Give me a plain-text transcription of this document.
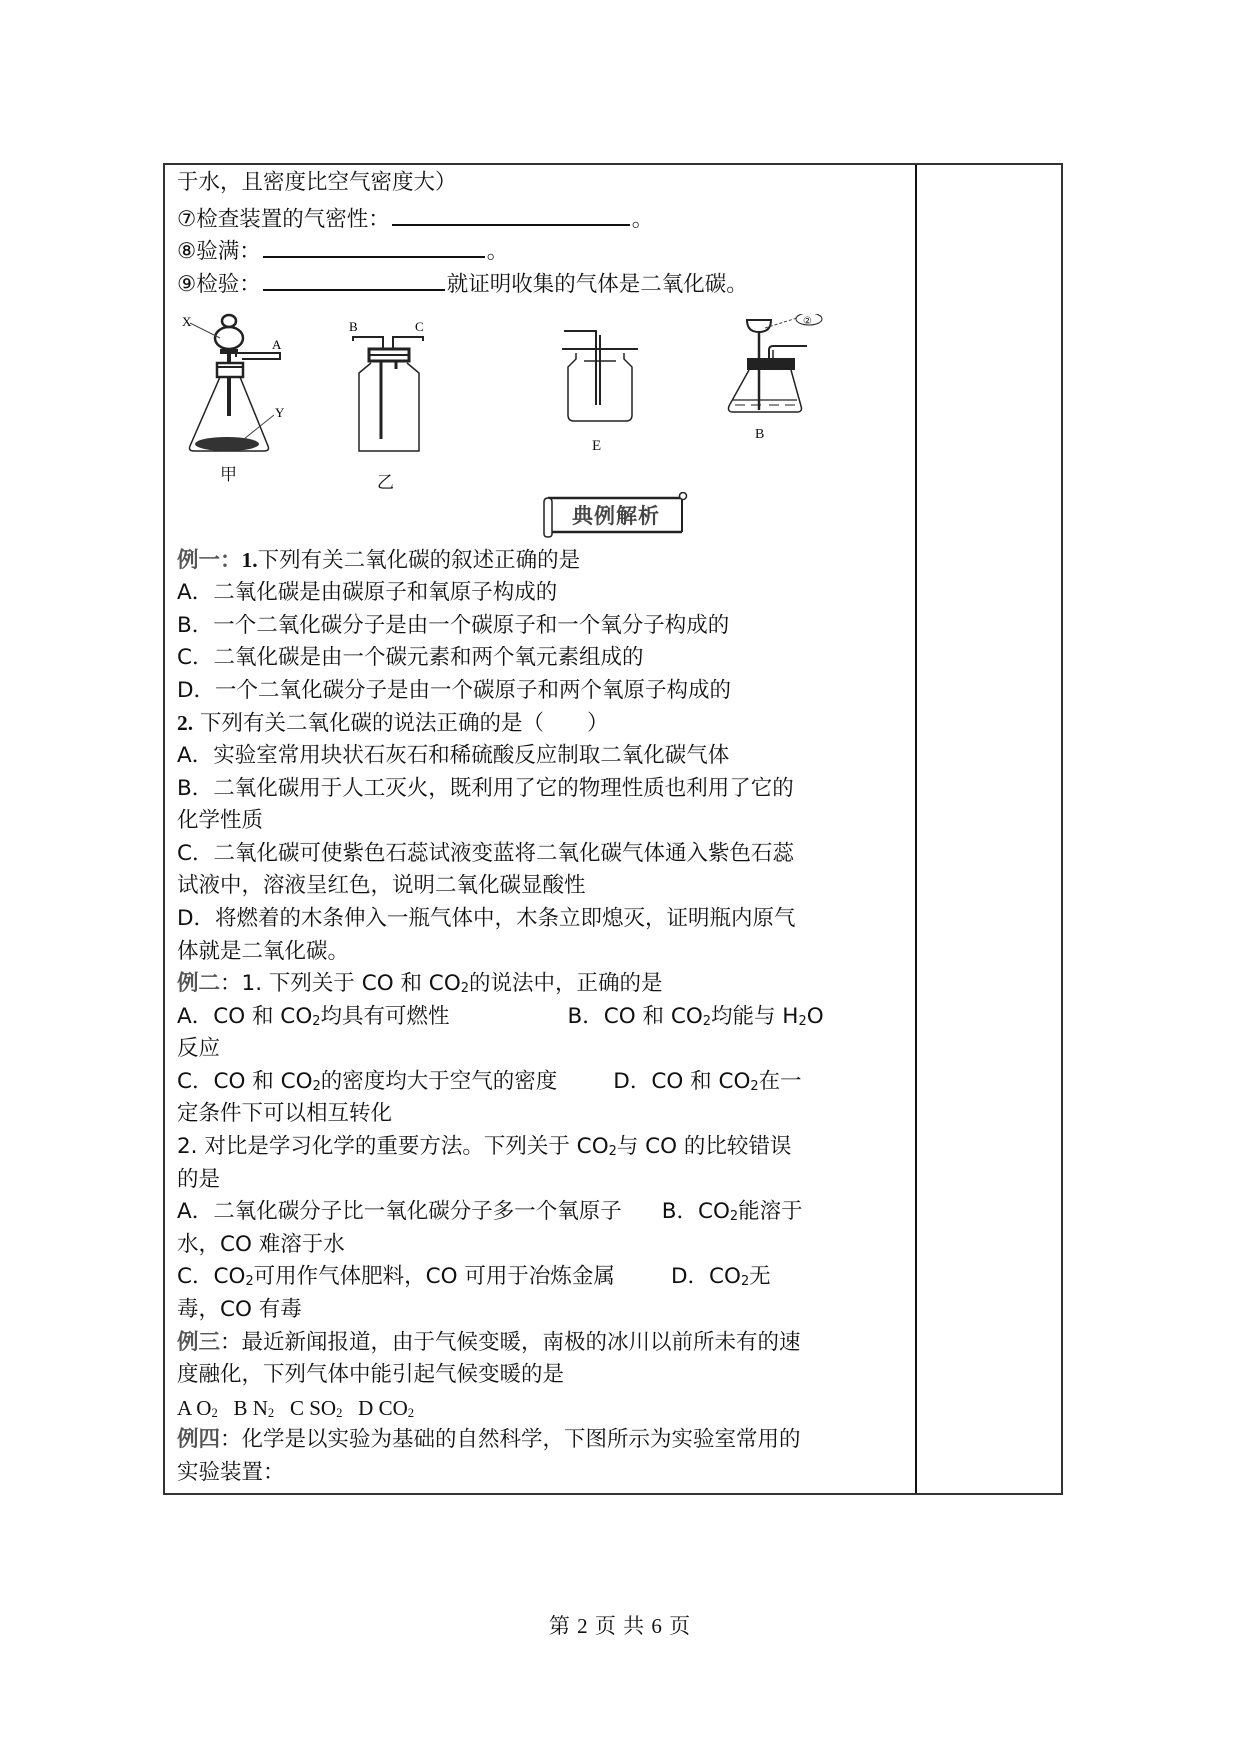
于水，且密度比空气密度大）
⑦检查装置的气密性：	。
⑧验满：	。
⑨检验：	就证明收集的气体是二氧化碳。
X
A
Y
甲
B	C
乙
E
②
B
典例解析
例一：1.下列有关二氧化碳的叙述正确的是
A．二氧化碳是由碳原子和氧原子构成的
B．一个二氧化碳分子是由一个碳原子和一个氧分子构成的
C．二氧化碳是由一个碳元素和两个氧元素组成的
D．一个二氧化碳分子是由一个碳原子和两个氧原子构成的
2. 下列有关二氧化碳的说法正确的是（　　）
A．实验室常用块状石灰石和稀硫酸反应制取二氧化碳气体
B．二氧化碳用于人工灭火，既利用了它的物理性质也利用了它的
化学性质
C．二氧化碳可使紫色石蕊试液变蓝将二氧化碳气体通入紫色石蕊
试液中，溶液呈红色，说明二氧化碳显酸性
D．将燃着的木条伸入一瓶气体中，木条立即熄灭，证明瓶内原气
体就是二氧化碳。
例二：1. 下列关于 CO 和 $CO_2$的说法中，正确的是
A．CO 和 $CO_2$均具有可燃性	B．CO 和 $CO_2$均能与 $H_2O$
反应
C．CO 和 $CO_2$的密度均大于空气的密度	D．CO 和 $CO_2$在一
定条件下可以相互转化
2. 对比是学习化学的重要方法。下列关于 $CO_2$与 CO 的比较错误
的是
A．二氧化碳分子比一氧化碳分子多一个氧原子 B．$CO_2$能溶于
水，CO 难溶于水
C．$CO_2$可用作气体肥料，CO 可用于冶炼金属	D．$CO_2$无
毒，CO 有毒
例三：最近新闻报道，由于气候变暖，南极的冰川以前所未有的速
度融化，下列气体中能引起气候变暖的是
A $O_2$ B $N_2$ C $SO_2$ D $CO_2$
例四：化学是以实验为基础的自然科学，下图所示为实验室常用的
实验装置：
第 2 页 共 6 页
